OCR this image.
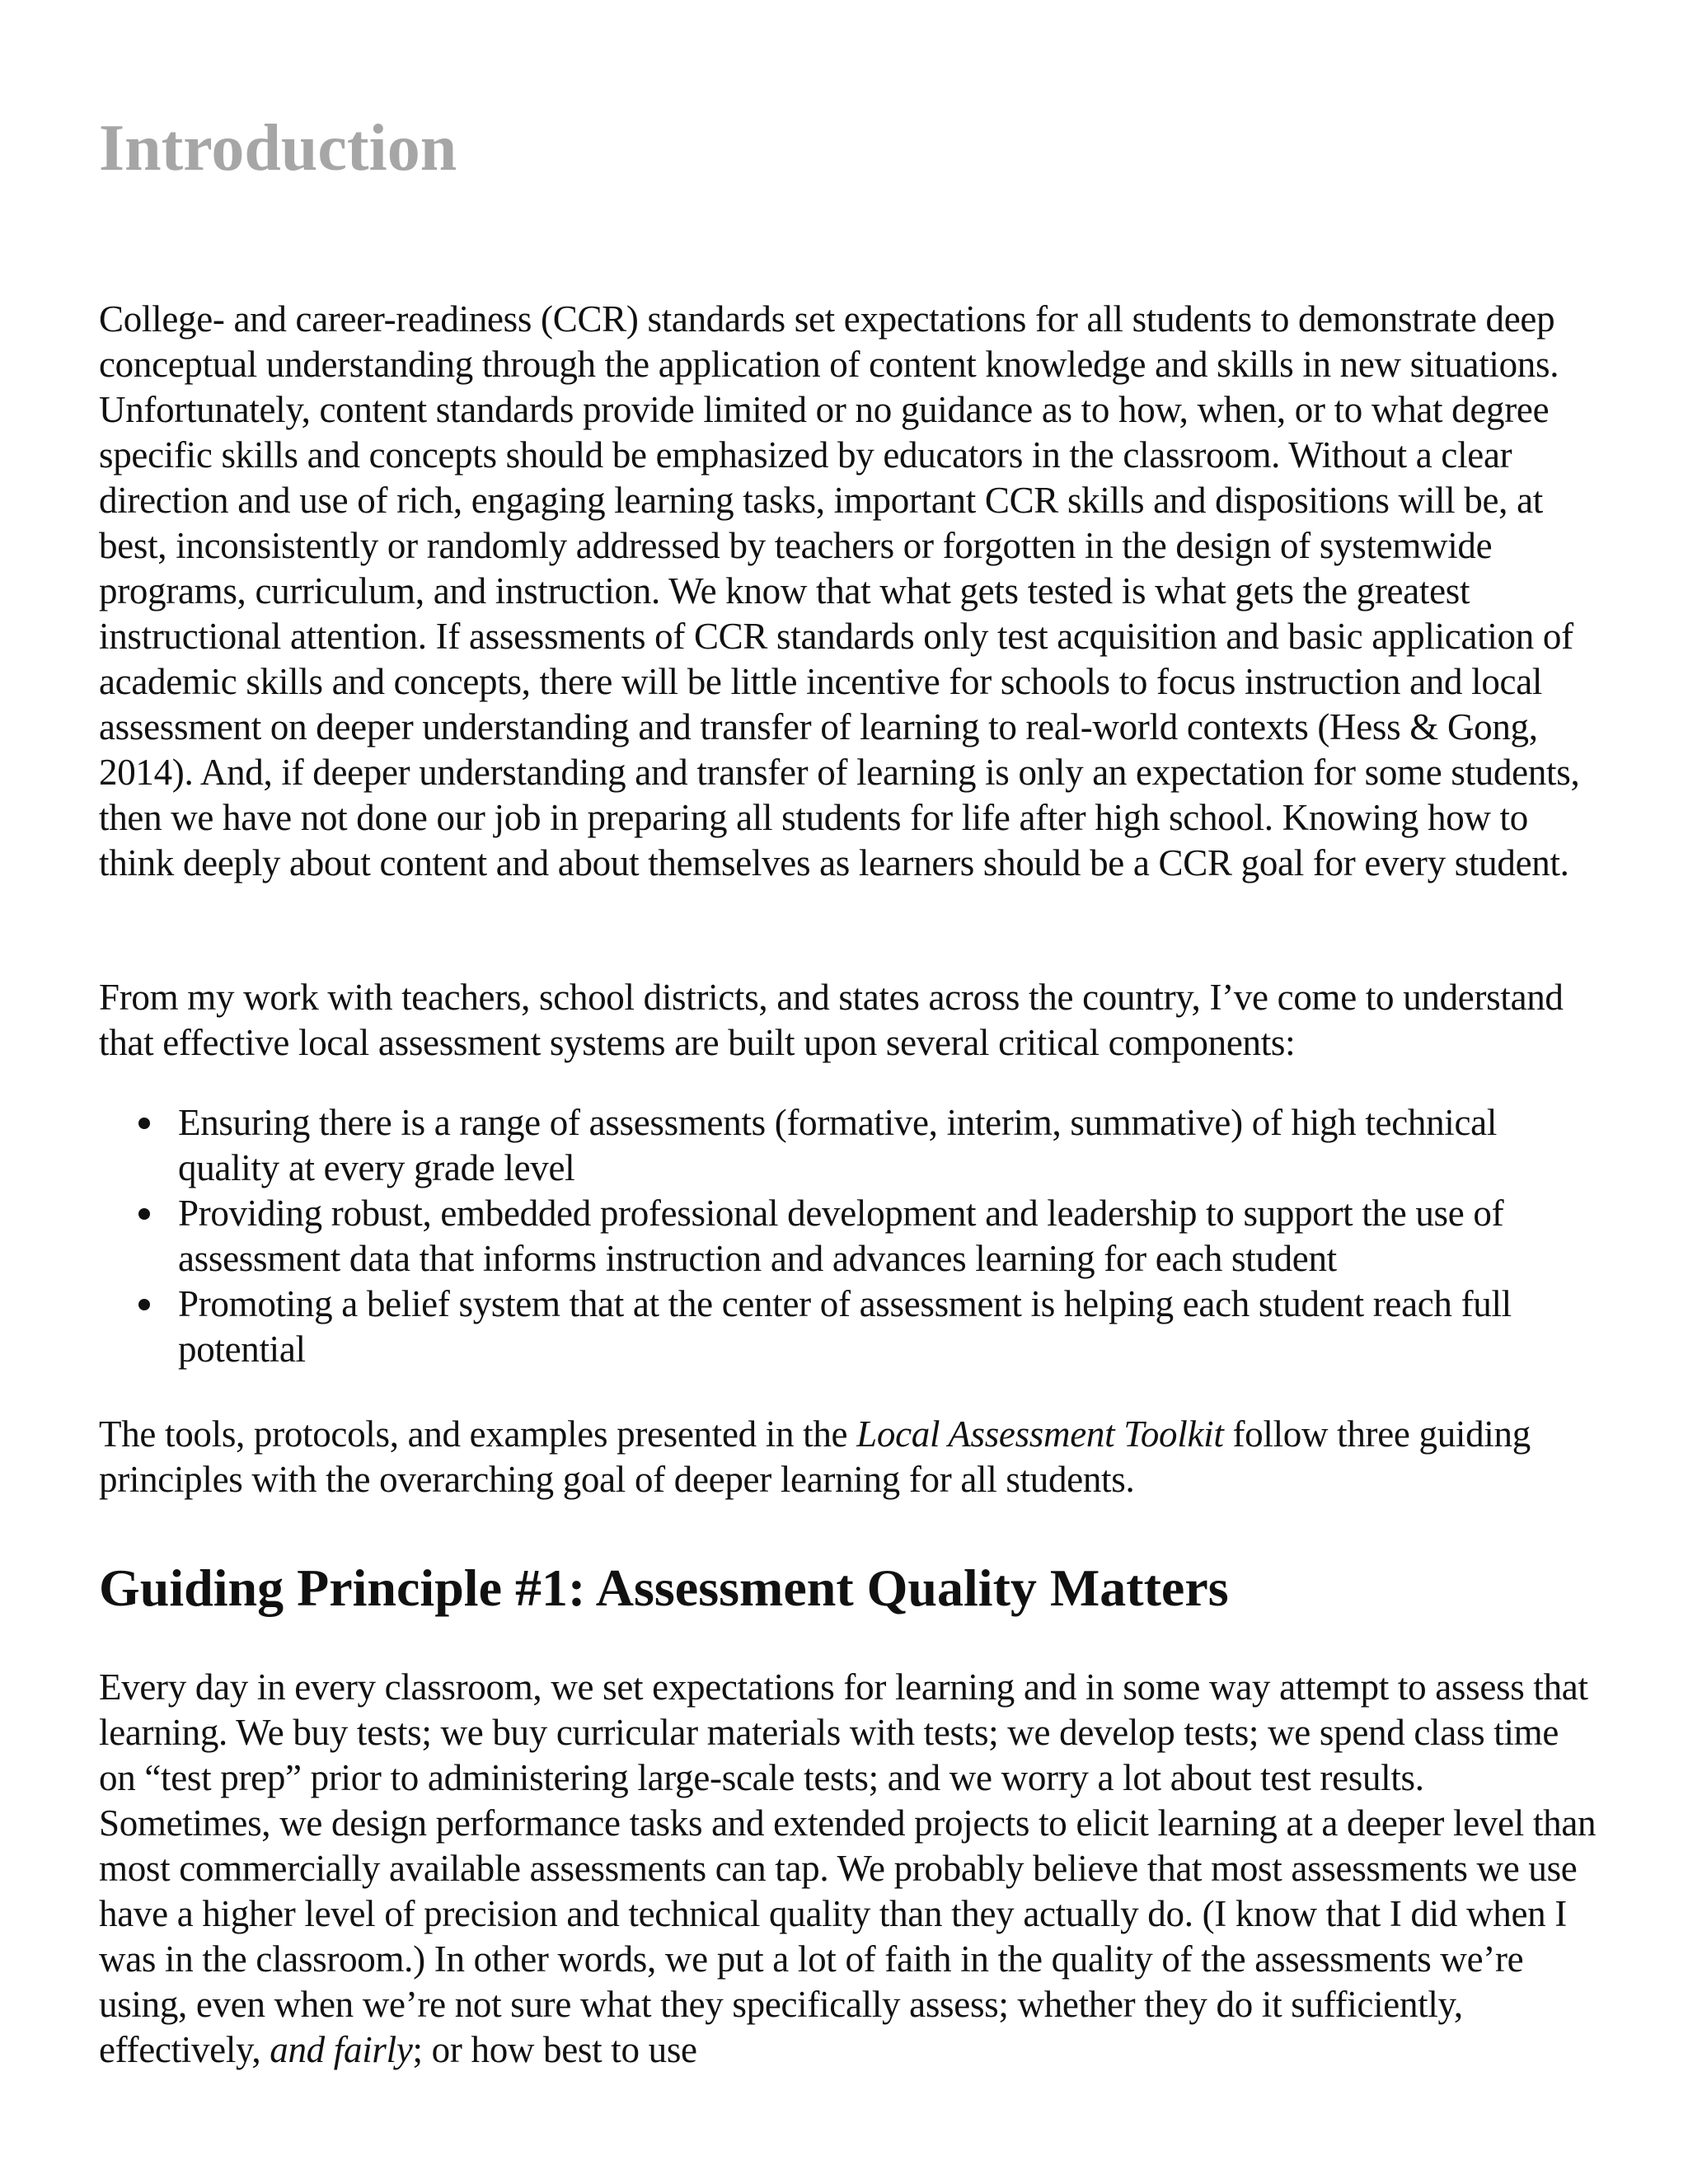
Introduction

College- and career-readiness (CCR) standards set expectations for all students to demonstrate deep conceptual understanding through the application of content knowledge and skills in new situations. Unfortunately, content standards provide limited or no guidance as to how, when, or to what degree specific skills and concepts should be emphasized by educators in the classroom. Without a clear direction and use of rich, engaging learning tasks, important CCR skills and dispositions will be, at best, inconsistently or randomly addressed by teachers or forgotten in the design of systemwide programs, curriculum, and instruction. We know that what gets tested is what gets the greatest instructional attention. If assessments of CCR standards only test acquisition and basic application of academic skills and concepts, there will be little incentive for schools to focus instruction and local assessment on deeper understanding and transfer of learning to real-world contexts (Hess & Gong, 2014). And, if deeper understanding and transfer of learning is only an expectation for some students, then we have not done our job in preparing all students for life after high school. Knowing how to think deeply about content and about themselves as learners should be a CCR goal for every student.

From my work with teachers, school districts, and states across the country, I’ve come to understand that effective local assessment systems are built upon several critical components:

Ensuring there is a range of assessments (formative, interim, summative) of high technical quality at every grade level
Providing robust, embedded professional development and leadership to support the use of assessment data that informs instruction and advances learning for each student
Promoting a belief system that at the center of assessment is helping each student reach full potential

The tools, protocols, and examples presented in the Local Assessment Toolkit follow three guiding principles with the overarching goal of deeper learning for all students.

Guiding Principle #1: Assessment Quality Matters

Every day in every classroom, we set expectations for learning and in some way attempt to assess that learning. We buy tests; we buy curricular materials with tests; we develop tests; we spend class time on “test prep” prior to administering large-scale tests; and we worry a lot about test results. Sometimes, we design performance tasks and extended projects to elicit learning at a deeper level than most commercially available assessments can tap. We probably believe that most assessments we use have a higher level of precision and technical quality than they actually do. (I know that I did when I was in the classroom.) In other words, we put a lot of faith in the quality of the assessments we’re using, even when we’re not sure what they specifically assess; whether they do it sufficiently, effectively, and fairly; or how best to use
